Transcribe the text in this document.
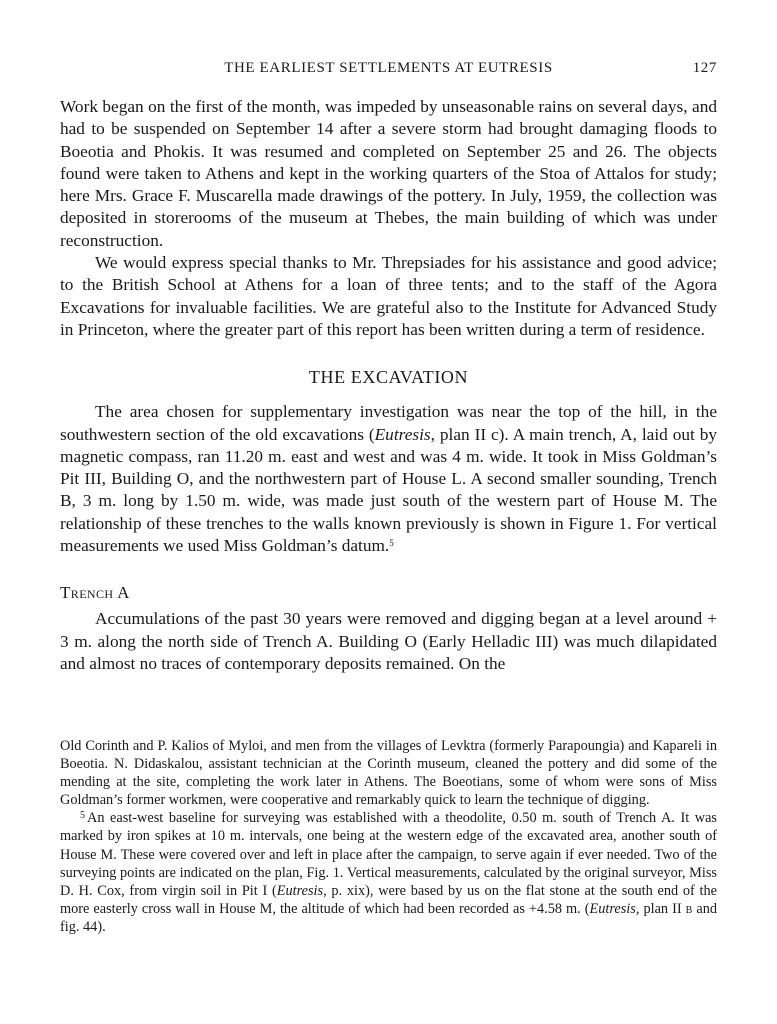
THE EARLIEST SETTLEMENTS AT EUTRESIS	127

Work began on the first of the month, was impeded by unseasonable rains on several days, and had to be suspended on September 14 after a severe storm had brought damaging floods to Boeotia and Phokis. It was resumed and completed on September 25 and 26. The objects found were taken to Athens and kept in the working quarters of the Stoa of Attalos for study; here Mrs. Grace F. Muscarella made drawings of the pottery. In July, 1959, the collection was deposited in storerooms of the museum at Thebes, the main building of which was under reconstruction.

We would express special thanks to Mr. Threpsiades for his assistance and good advice; to the British School at Athens for a loan of three tents; and to the staff of the Agora Excavations for invaluable facilities. We are grateful also to the Institute for Advanced Study in Princeton, where the greater part of this report has been written during a term of residence.

THE EXCAVATION

The area chosen for supplementary investigation was near the top of the hill, in the southwestern section of the old excavations (Eutresis, plan II c). A main trench, A, laid out by magnetic compass, ran 11.20 m. east and west and was 4 m. wide. It took in Miss Goldman’s Pit III, Building O, and the northwestern part of House L. A second smaller sounding, Trench B, 3 m. long by 1.50 m. wide, was made just south of the western part of House M. The relationship of these trenches to the walls known previously is shown in Figure 1. For vertical measurements we used Miss Goldman’s datum.$^5$

Trench A

Accumulations of the past 30 years were removed and digging began at a level around + 3 m. along the north side of Trench A. Building O (Early Helladic III) was much dilapidated and almost no traces of contemporary deposits remained. On the

Old Corinth and P. Kalios of Myloi, and men from the villages of Levktra (formerly Parapoungia) and Kapareli in Boeotia. N. Didaskalou, assistant technician at the Corinth museum, cleaned the pottery and did some of the mending at the site, completing the work later in Athens. The Boeotians, some of whom were sons of Miss Goldman’s former workmen, were cooperative and remarkably quick to learn the technique of digging.

$^5$ An east-west baseline for surveying was established with a theodolite, 0.50 m. south of Trench A. It was marked by iron spikes at 10 m. intervals, one being at the western edge of the excavated area, another south of House M. These were covered over and left in place after the campaign, to serve again if ever needed. Two of the surveying points are indicated on the plan, Fig. 1. Vertical measurements, calculated by the original surveyor, Miss D. H. Cox, from virgin soil in Pit I (Eutresis, p. xix), were based by us on the flat stone at the south end of the more easterly cross wall in House M, the altitude of which had been recorded as +4.58 m. (Eutresis, plan II b and fig. 44).
